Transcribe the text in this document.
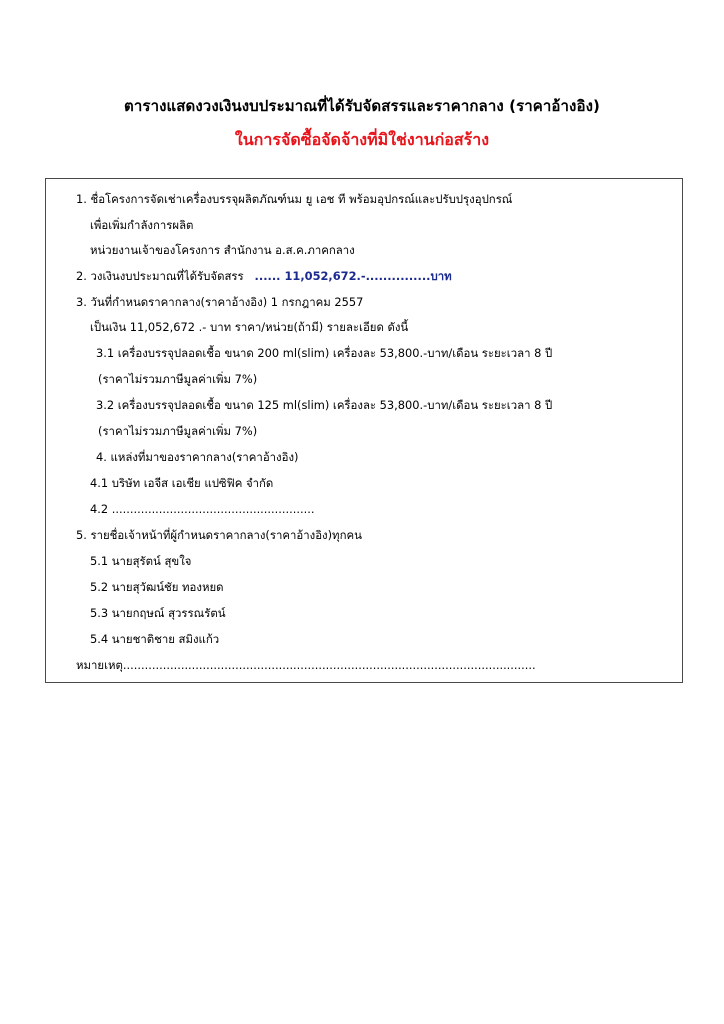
ตารางแสดงวงเงินงบประมาณที่ได้รับจัดสรรและราคากลาง (ราคาอ้างอิง)
ในการจัดซื้อจัดจ้างที่มิใช่งานก่อสร้าง
1. ชื่อโครงการจัดเช่าเครื่องบรรจุผลิตภัณฑ์นม ยู เอช ที พร้อมอุปกรณ์และปรับปรุงอุปกรณ์
เพื่อเพิ่มกำลังการผลิต
หน่วยงานเจ้าของโครงการ สำนักงาน อ.ส.ค.ภาคกลาง
2. วงเงินงบประมาณที่ได้รับจัดสรร ...... 11,052,672.-...............บาท
3. วันที่กำหนดราคากลาง(ราคาอ้างอิง) 1 กรกฎาคม 2557
เป็นเงิน 11,052,672 .- บาท ราคา/หน่วย(ถ้ามี) รายละเอียด ดังนี้
3.1 เครื่องบรรจุปลอดเชื้อ ขนาด 200 ml(slim) เครื่องละ 53,800.-บาท/เดือน ระยะเวลา 8 ปี
(ราคาไม่รวมภาษีมูลค่าเพิ่ม 7%)
3.2 เครื่องบรรจุปลอดเชื้อ ขนาด 125 ml(slim) เครื่องละ 53,800.-บาท/เดือน ระยะเวลา 8 ปี
(ราคาไม่รวมภาษีมูลค่าเพิ่ม 7%)
4. แหล่งที่มาของราคากลาง(ราคาอ้างอิง)
4.1 บริษัท เอจีส เอเชีย แปซิฟิค จำกัด
4.2 ........................................................
5. รายชื่อเจ้าหน้าที่ผู้กำหนดราคากลาง(ราคาอ้างอิง)ทุกคน
5.1 นายสุรัตน์ สุขใจ
5.2 นายสุวัฒน์ชัย ทองหยด
5.3 นายกฤษณ์ สุวรรณรัตน์
5.4 นายชาติชาย สมิงแก้ว
หมายเหตุ..................................................................................................................
